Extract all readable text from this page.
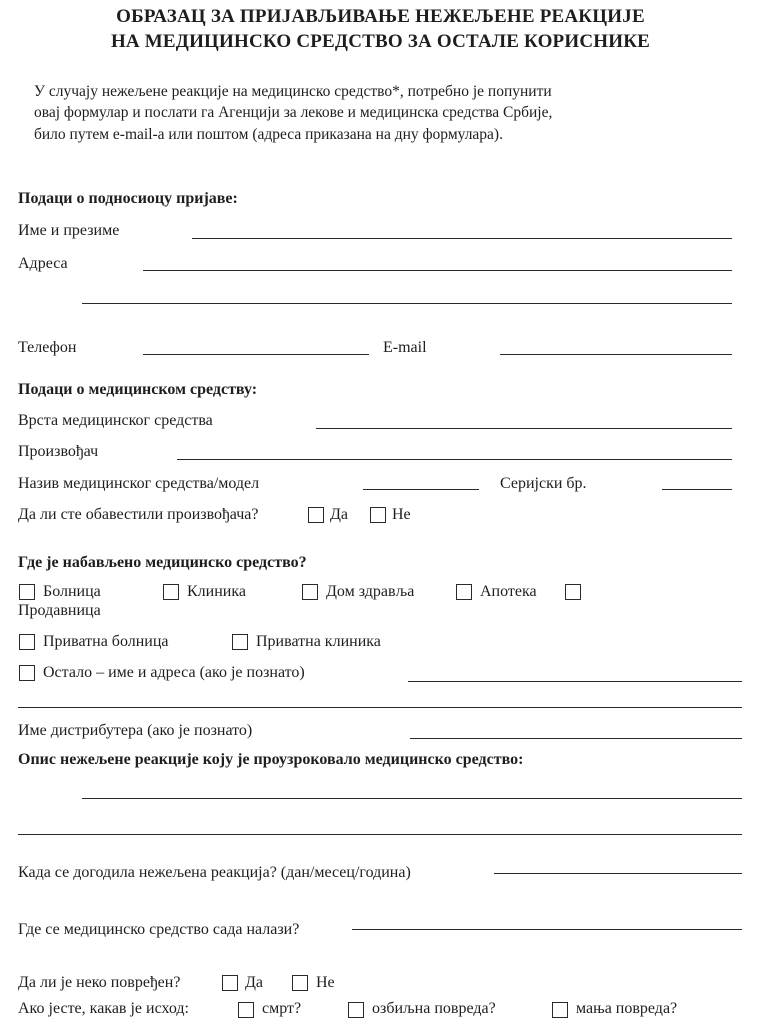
ОБРАЗАЦ ЗА ПРИЈАВЉИВАЊЕ НЕЖЕЉЕНЕ РЕАКЦИЈЕ
НА МЕДИЦИНСКО СРЕДСТВО ЗА ОСТАЛЕ КОРИСНИКЕ
У случају нежељене реакције на медицинско средство*, потребно је попунити
овај формулар и послати га Агенцији за лекове и медицинска средства Србије,
било путем e-mail-а или поштом (адреса приказана на дну формулара).
Подаци о подносиоцу пријаве:
Име и презиме
Адреса
Телефон	E-mail
Подаци о медицинском средству:
Врста медицинског средства
Произвођач
Назив медицинског средства/модел	Серијски бр.
Да ли сте обавестили произвођача?	Да	Не
Где је набављено медицинско средство?
Болница	Клиника	Дом здравља	Апотека
Продавница
Приватна болница	Приватна клиника
Остало – име и адреса (ако је познато)
Име дистрибутера (ако је познато)
Опис нежељене реакције коју је проузроковало медицинско средство:
Када се догодила нежељена реакција? (дан/месец/година)
Где се медицинско средство сада налази?
Да ли је неко повређен?	Да	Не
Ако јесте, какав је исход:	смрт?	озбиљна повреда?	мања повреда?
